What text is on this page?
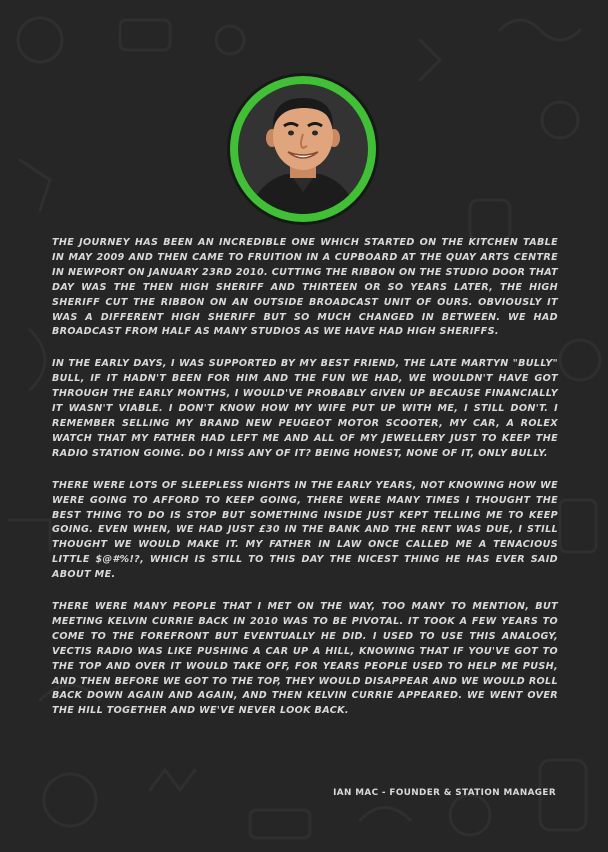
THE JOURNEY HAS BEEN AN INCREDIBLE ONE WHICH STARTED ON THE KITCHEN TABLE IN MAY 2009 AND THEN CAME TO FRUITION IN A CUPBOARD AT THE QUAY ARTS CENTRE IN NEWPORT ON JANUARY 23RD 2010. CUTTING THE RIBBON ON THE STUDIO DOOR THAT DAY WAS THE THEN HIGH SHERIFF AND THIRTEEN OR SO YEARS LATER, THE HIGH SHERIFF CUT THE RIBBON ON AN OUTSIDE BROADCAST UNIT OF OURS. OBVIOUSLY IT WAS A DIFFERENT HIGH SHERIFF BUT SO MUCH CHANGED IN BETWEEN. WE HAD BROADCAST FROM HALF AS MANY STUDIOS AS WE HAVE HAD HIGH SHERIFFS.

IN THE EARLY DAYS, I WAS SUPPORTED BY MY BEST FRIEND, THE LATE MARTYN "BULLY" BULL, IF IT HADN'T BEEN FOR HIM AND THE FUN WE HAD, WE WOULDN'T HAVE GOT THROUGH THE EARLY MONTHS, I WOULD'VE PROBABLY GIVEN UP BECAUSE FINANCIALLY IT WASN'T VIABLE. I DON'T KNOW HOW MY WIFE PUT UP WITH ME, I STILL DON'T. I REMEMBER SELLING MY BRAND NEW PEUGEOT MOTOR SCOOTER, MY CAR, A ROLEX WATCH THAT MY FATHER HAD LEFT ME AND ALL OF MY JEWELLERY JUST TO KEEP THE RADIO STATION GOING. DO I MISS ANY OF IT? BEING HONEST, NONE OF IT, ONLY BULLY.

THERE WERE LOTS OF SLEEPLESS NIGHTS IN THE EARLY YEARS, NOT KNOWING HOW WE WERE GOING TO AFFORD TO KEEP GOING, THERE WERE MANY TIMES I THOUGHT THE BEST THING TO DO IS STOP BUT SOMETHING INSIDE JUST KEPT TELLING ME TO KEEP GOING. EVEN WHEN, WE HAD JUST £30 IN THE BANK AND THE RENT WAS DUE, I STILL THOUGHT WE WOULD MAKE IT. MY FATHER IN LAW ONCE CALLED ME A TENACIOUS LITTLE $@#%!?, WHICH IS STILL TO THIS DAY THE NICEST THING HE HAS EVER SAID ABOUT ME.

THERE WERE MANY PEOPLE THAT I MET ON THE WAY, TOO MANY TO MENTION, BUT MEETING KELVIN CURRIE BACK IN 2010 WAS TO BE PIVOTAL. IT TOOK A FEW YEARS TO COME TO THE FOREFRONT BUT EVENTUALLY HE DID. I USED TO USE THIS ANALOGY, VECTIS RADIO WAS LIKE PUSHING A CAR UP A HILL, KNOWING THAT IF YOU'VE GOT TO THE TOP AND OVER IT WOULD TAKE OFF, FOR YEARS PEOPLE USED TO HELP ME PUSH, AND THEN BEFORE WE GOT TO THE TOP, THEY WOULD DISAPPEAR AND WE WOULD ROLL BACK DOWN AGAIN AND AGAIN, AND THEN KELVIN CURRIE APPEARED. WE WENT OVER THE HILL TOGETHER AND WE'VE NEVER LOOK BACK.

IAN MAC - FOUNDER & STATION MANAGER
